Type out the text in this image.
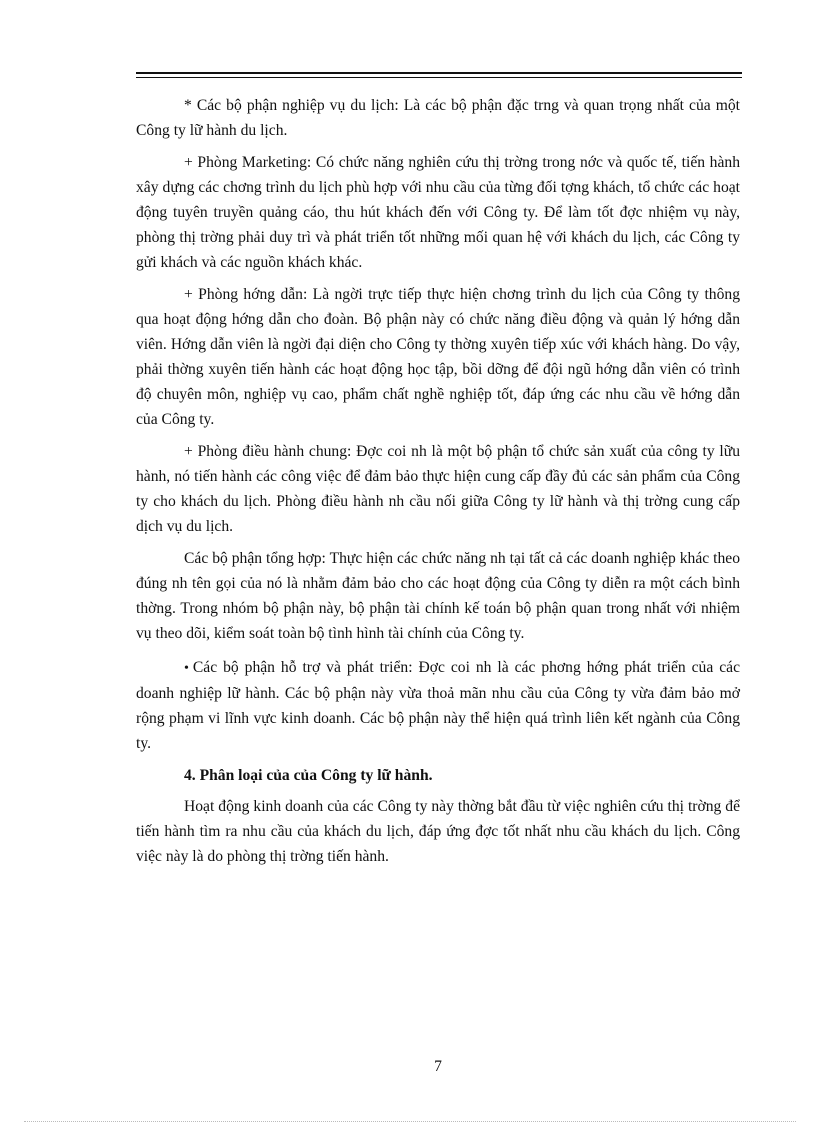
* Các bộ phận nghiệp vụ du lịch: Là các bộ phận đặc trng và quan trọng nhất của một Công ty lữ hành du lịch.

+ Phòng Marketing: Có chức năng nghiên cứu thị trờng trong nớc và quốc tế, tiến hành xây dựng các chơng trình du lịch phù hợp với nhu cầu của từng đối tợng khách, tổ chức các hoạt động tuyên truyền quảng cáo, thu hút khách đến với Công ty. Để làm tốt đợc nhiệm vụ này, phòng thị trờng phải duy trì và phát triển tốt những mối quan hệ với khách du lịch, các Công ty gửi khách và các nguồn khách khác.

+ Phòng hớng dẫn: Là ngời trực tiếp thực hiện chơng trình du lịch của Công ty thông qua hoạt động hớng dẫn cho đoàn. Bộ phận này có chức năng điều động và quản lý hớng dẫn viên. Hớng dẫn viên là ngời đại diện cho Công ty thờng xuyên tiếp xúc với khách hàng. Do vậy, phải thờng xuyên tiến hành các hoạt động học tập, bồi dỡng để đội ngũ hớng dẫn viên có trình độ chuyên môn, nghiệp vụ cao, phẩm chất nghề nghiệp tốt, đáp ứng các nhu cầu về hớng dẫn của Công ty.

+ Phòng điều hành chung: Đợc coi nh là một bộ phận tổ chức sản xuất của công ty lữu hành, nó tiến hành các công việc để đảm bảo thực hiện cung cấp đầy đủ các sản phẩm của Công ty cho khách du lịch. Phòng điều hành nh cầu nối giữa Công ty lữ hành và thị trờng cung cấp dịch vụ du lịch.

Các bộ phận tổng hợp: Thực hiện các chức năng nh tại tất cả các doanh nghiệp khác theo đúng nh tên gọi của nó là nhằm đảm bảo cho các hoạt động của Công ty diễn ra một cách bình thờng. Trong nhóm bộ phận này, bộ phận tài chính kế toán bộ phận quan trong nhất với nhiệm vụ theo dõi, kiểm soát toàn bộ tình hình tài chính của Công ty.

• Các bộ phận hỗ trợ và phát triển: Đợc coi nh là các phơng hớng phát triển của các doanh nghiệp lữ hành. Các bộ phận này vừa thoả mãn nhu cầu của Công ty vừa đảm bảo mở rộng phạm vi lĩnh vực kinh doanh. Các bộ phận này thể hiện quá trình liên kết ngành của Công ty.

4. Phân loại của của Công ty lữ hành.

Hoạt động kinh doanh của các Công ty này thờng bắt đầu từ việc nghiên cứu thị trờng để tiến hành tìm ra nhu cầu của khách du lịch, đáp ứng đợc tốt nhất nhu cầu khách du lịch. Công việc này là do phòng thị trờng tiến hành.

7
